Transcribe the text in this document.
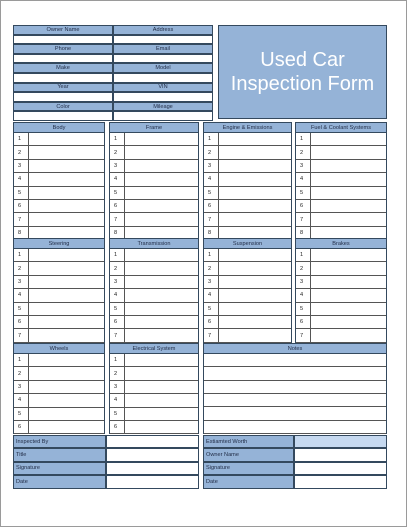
Used Car
Inspection Form
Notes
Owner Name
Phone
Make
Year
Color
Address
Email
Model
VIN
Mileage
Body
1
2
3
4
5
6
7
8
Frame
1
2
3
4
5
6
7
8
Engine & Emissions
1
2
3
4
5
6
7
8
Fuel & Coolant Systems
1
2
3
4
5
6
7
8
Steering
1
2
3
4
5
6
7
Transmission
1
2
3
4
5
6
7
Suspension
1
2
3
4
5
6
7
Brakes
1
2
3
4
5
6
7
Wheels
1
2
3
4
5
6
Electrical System
1
2
3
4
5
6
Inspected By
Title
Signature
Date
Estiamted Worth
Owner Name
Signature
Date
